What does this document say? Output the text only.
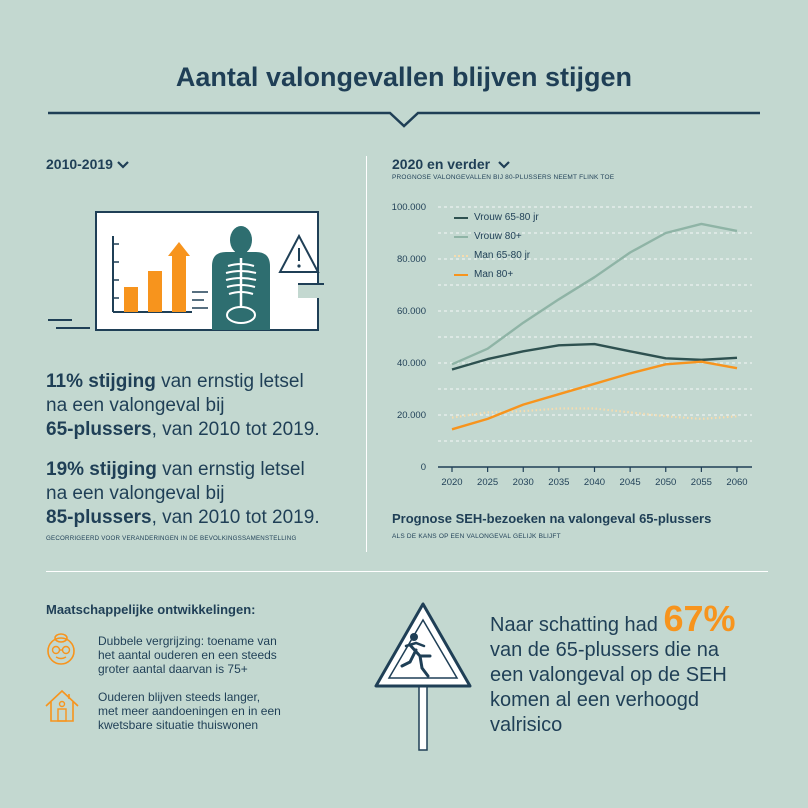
Aantal valongevallen blijven stijgen
2010-2019
11% stijging van ernstig letsel
na een valongeval bij
65-plussers, van 2010 tot 2019.
19% stijging van ernstig letsel
na een valongeval bij
85-plussers, van 2010 tot 2019.
GECORRIGEERD VOOR VERANDERINGEN IN DE BEVOLKINGSSAMENSTELLING
2020 en verder
PROGNOSE VALONGEVALLEN BIJ 80-PLUSSERS NEEMT FLINK TOE
0
20.000
40.000
60.000
80.000
100.000
2020 2025 2030 2035 2040 2045 2050 2055 2060
Vrouw 65-80 jr
Vrouw 80+
Man 65-80 jr
Man 80+
Prognose SEH-bezoeken na valongeval 65-plussers
ALS DE KANS OP EEN VALONGEVAL GELIJK BLIJFT
Maatschappelijke ontwikkelingen:
Dubbele vergrijzing: toename van
het aantal ouderen en een steeds
groter aantal daarvan is 75+
Ouderen blijven steeds langer,
met meer aandoeningen en in een
kwetsbare situatie thuiswonen
Naar schatting had 67%
van de 65-plussers die na
een valongeval op de SEH
komen al een verhoogd
valrisico
